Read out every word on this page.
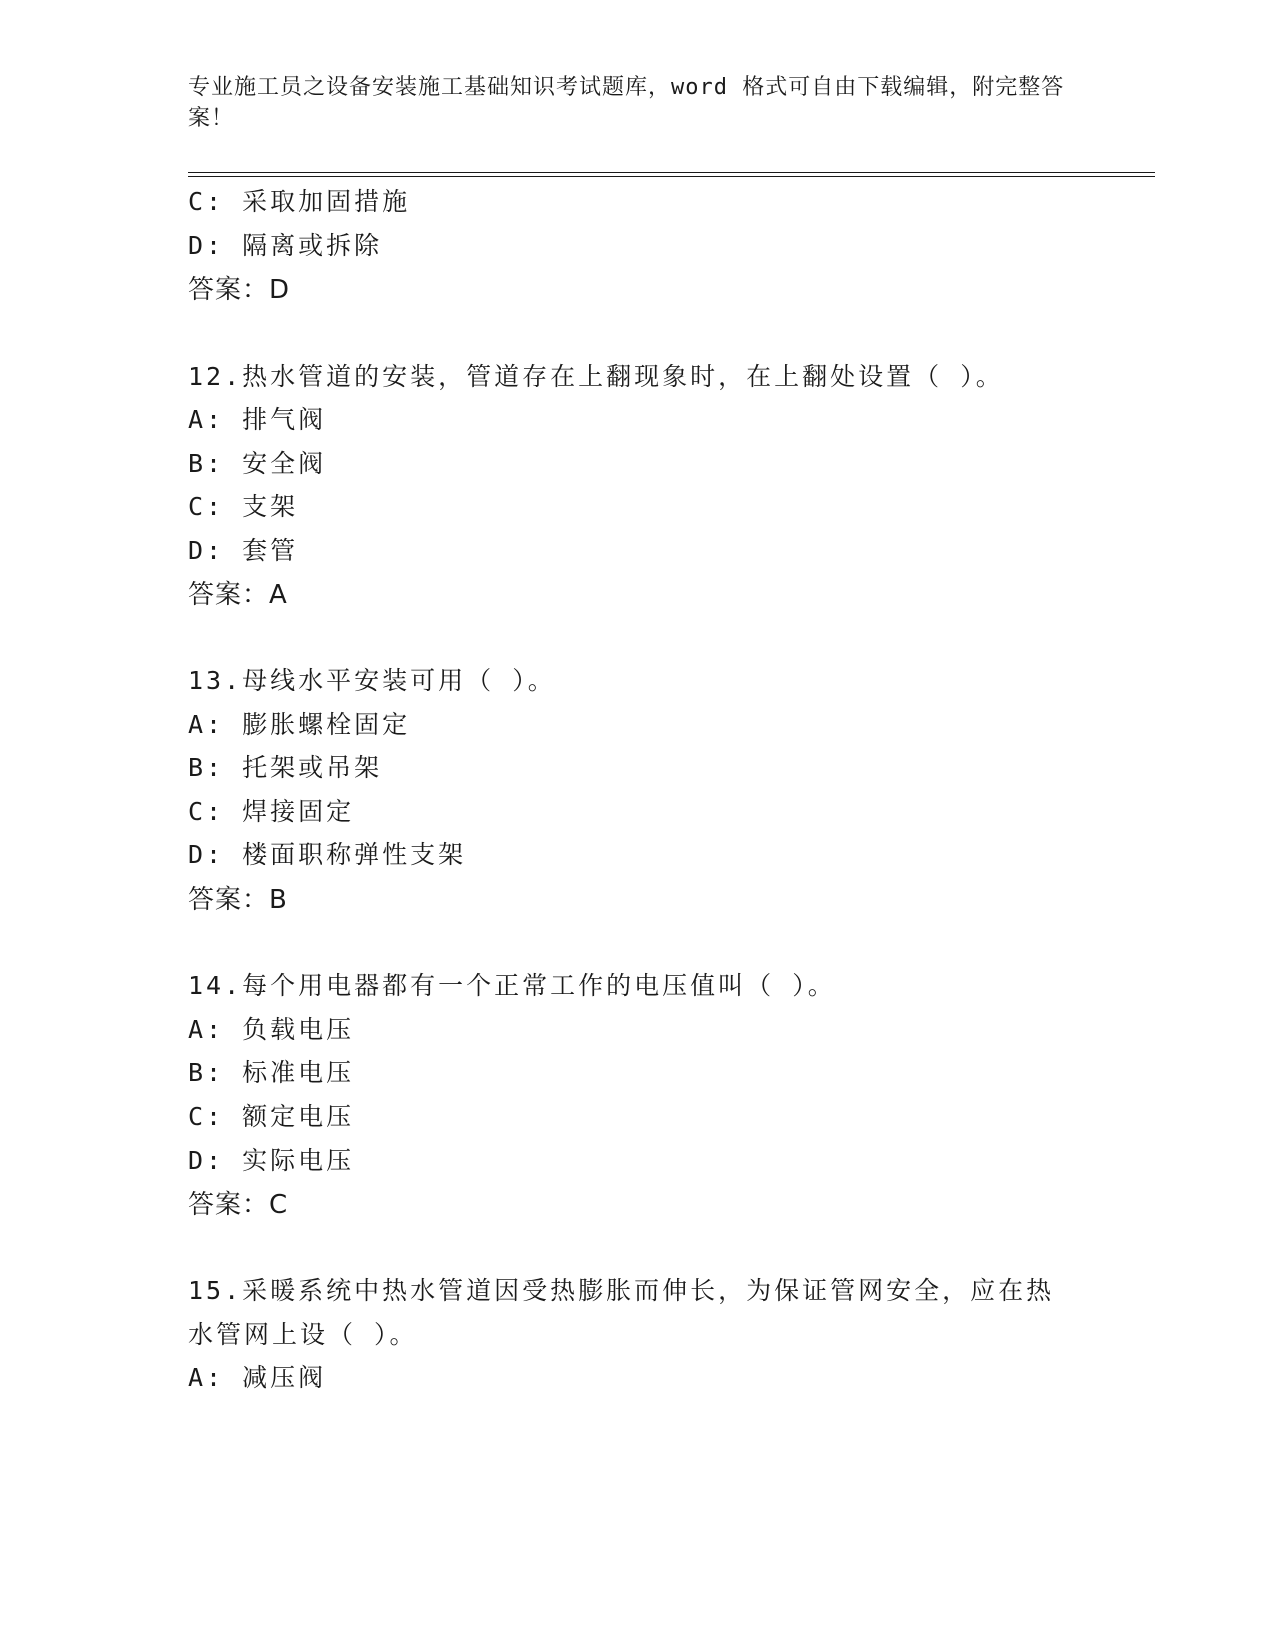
专业施工员之设备安装施工基础知识考试题库，word 格式可自由下载编辑，附完整答案！
C: 采取加固措施
D: 隔离或拆除
答案：D
12.热水管道的安装，管道存在上翻现象时，在上翻处设置（ ）。
A: 排气阀
B: 安全阀
C: 支架
D: 套管
答案：A
13.母线水平安装可用（ ）。
A: 膨胀螺栓固定
B: 托架或吊架
C: 焊接固定
D: 楼面职称弹性支架
答案：B
14.每个用电器都有一个正常工作的电压值叫（ ）。
A: 负载电压
B: 标准电压
C: 额定电压
D: 实际电压
答案：C
15.采暖系统中热水管道因受热膨胀而伸长，为保证管网安全，应在热
水管网上设（ ）。
A: 减压阀
